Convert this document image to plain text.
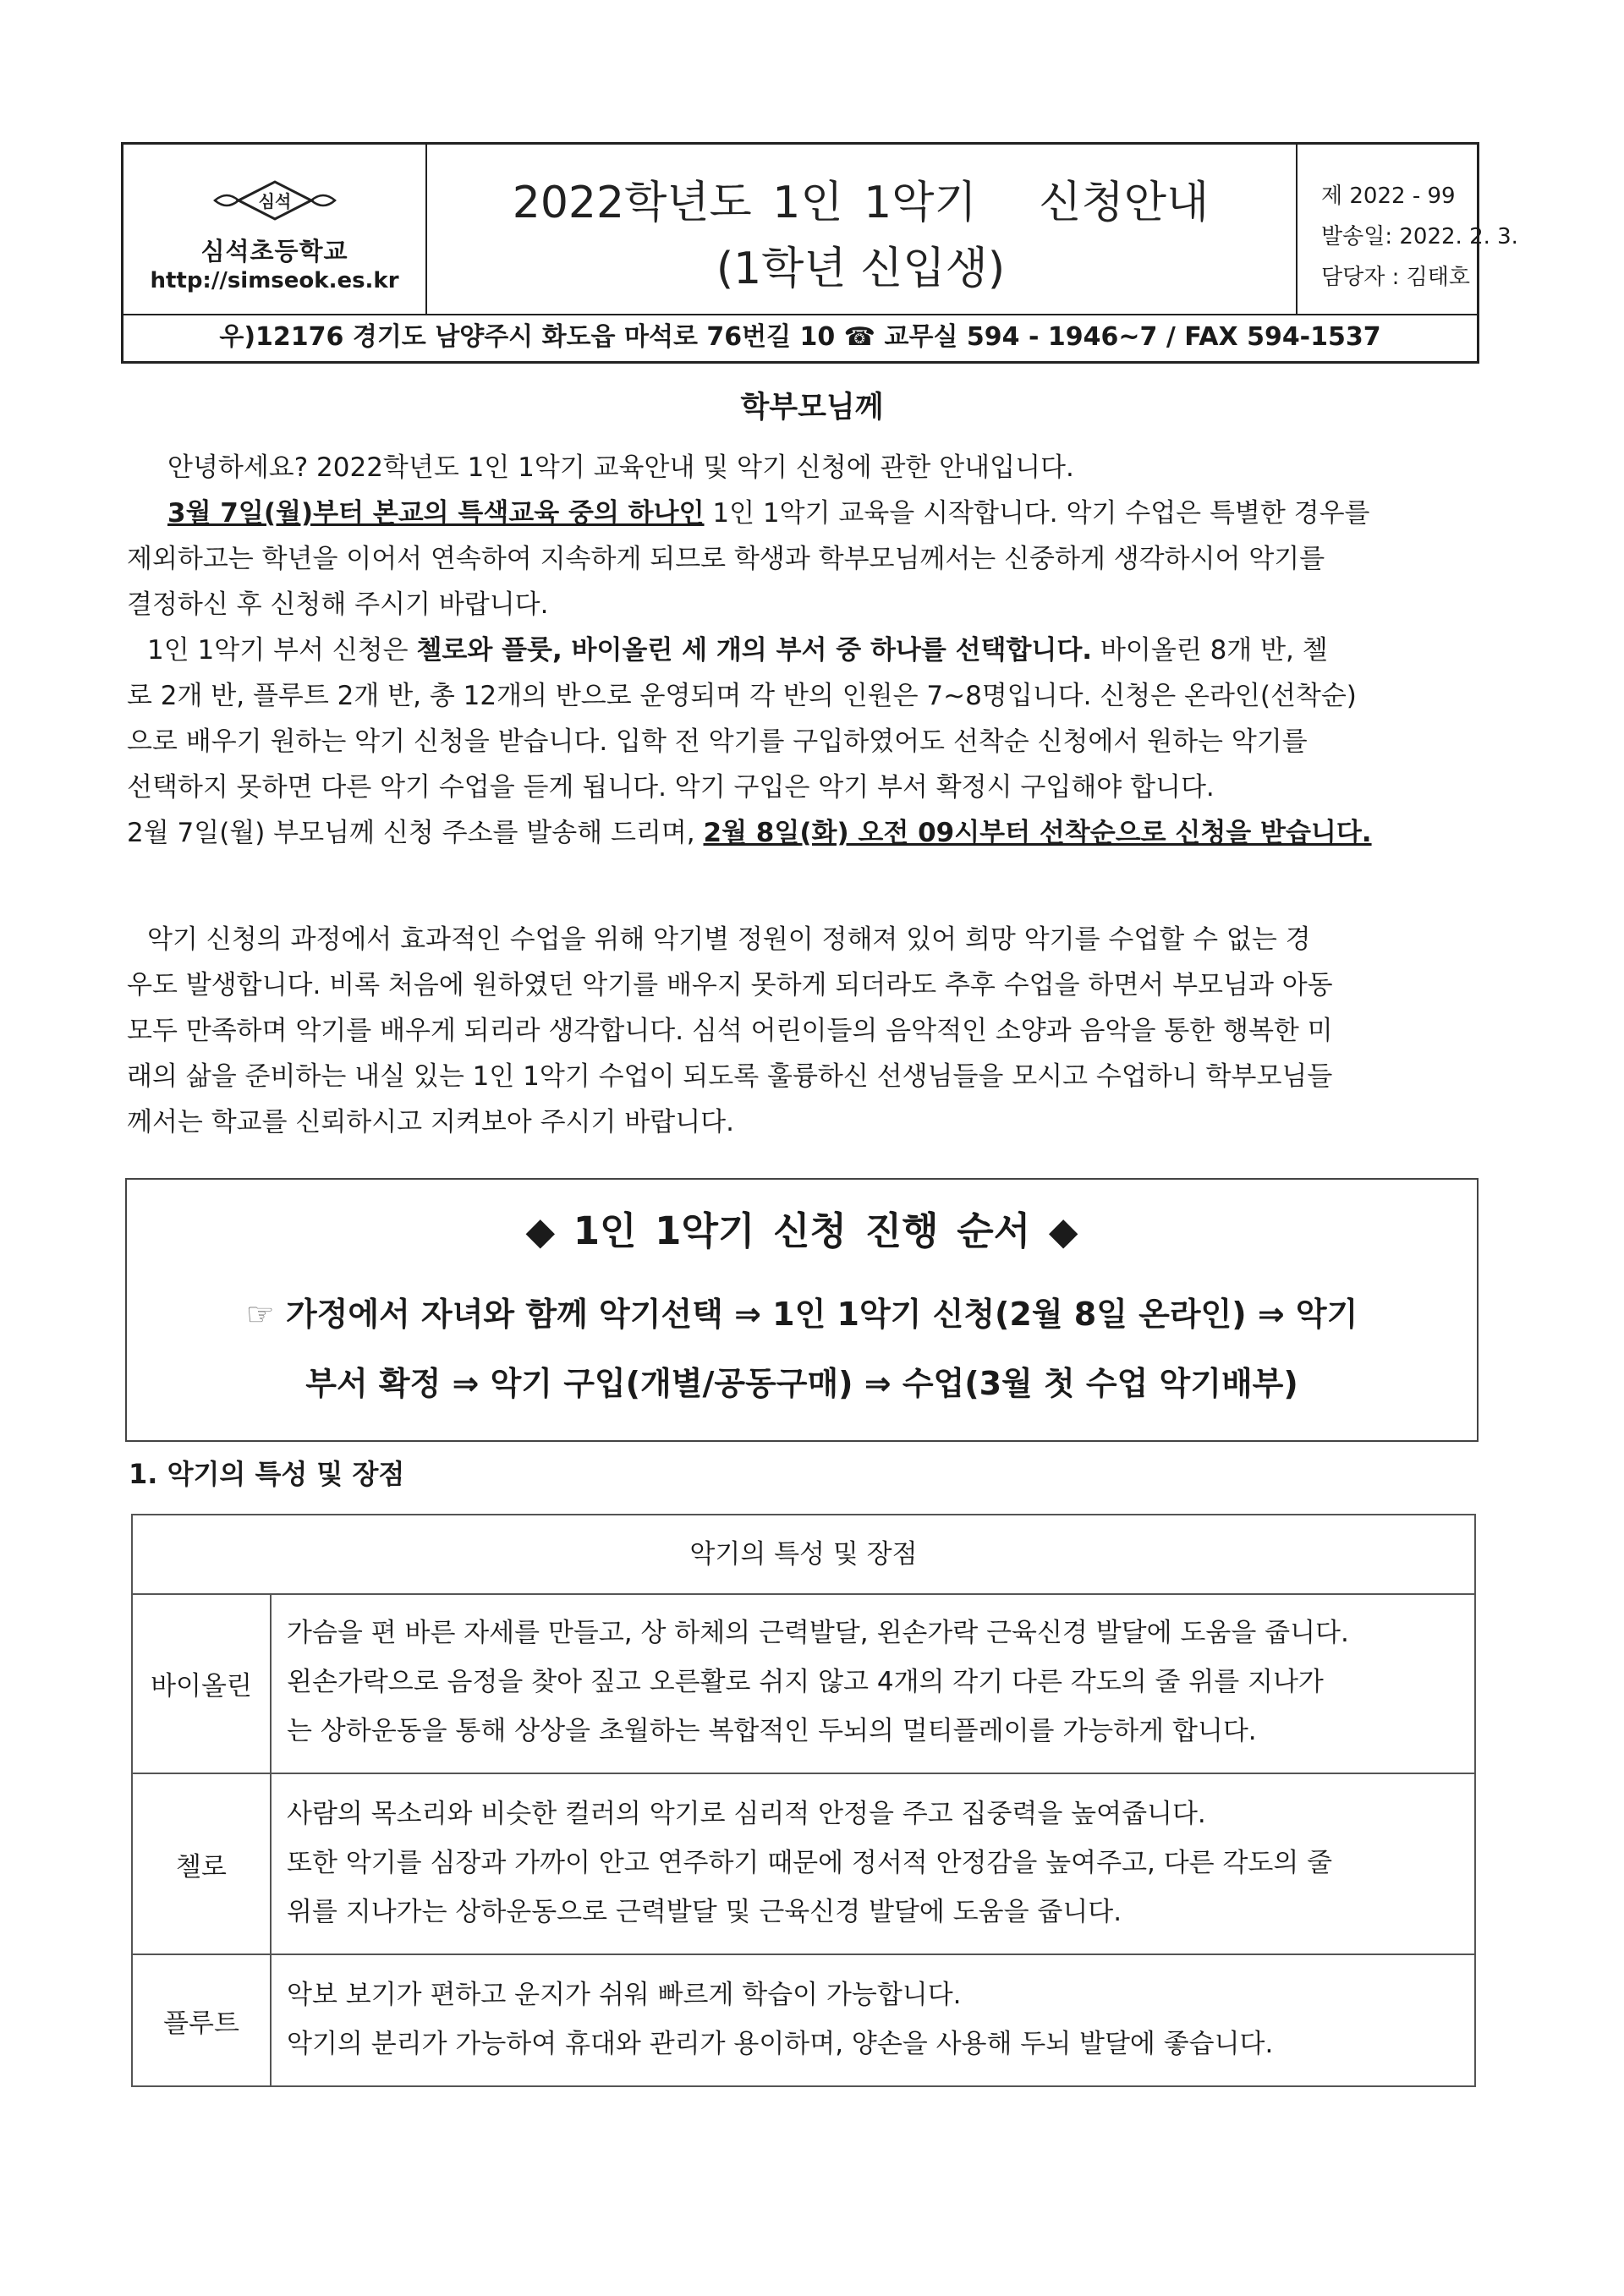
심석
심석초등학교
http://simseok.es.kr
2022학년도 1인 1악기   신청안내
(1학년 신입생)
제 2022 - 99
발송일: 2022. 2. 3.
담당자 : 김태호
우)12176 경기도 남양주시 화도읍 마석로 76번길 10 ☎ 교무실 594 - 1946~7 / FAX 594-1537
학부모님께
안녕하세요? 2022학년도 1인 1악기 교육안내 및 악기 신청에 관한 안내입니다.
3월 7일(월)부터 본교의 특색교육 중의 하나인 1인 1악기 교육을 시작합니다. 악기 수업은 특별한 경우를
제외하고는 학년을 이어서 연속하여 지속하게 되므로 학생과 학부모님께서는 신중하게 생각하시어 악기를
결정하신 후 신청해 주시기 바랍니다.
1인 1악기 부서 신청은 첼로와 플룻, 바이올린 세 개의 부서 중 하나를 선택합니다. 바이올린 8개 반, 첼
로 2개 반, 플루트 2개 반, 총 12개의 반으로 운영되며 각 반의 인원은 7~8명입니다. 신청은 온라인(선착순)
으로 배우기 원하는 악기 신청을 받습니다. 입학 전 악기를 구입하였어도 선착순 신청에서 원하는 악기를
선택하지 못하면 다른 악기 수업을 듣게 됩니다. 악기 구입은 악기 부서 확정시 구입해야 합니다.
2월 7일(월) 부모님께 신청 주소를 발송해 드리며, 2월 8일(화) 오전 09시부터 선착순으로 신청을 받습니다.
악기 신청의 과정에서 효과적인 수업을 위해 악기별 정원이 정해져 있어 희망 악기를 수업할 수 없는 경
우도 발생합니다. 비록 처음에 원하였던 악기를 배우지 못하게 되더라도 추후 수업을 하면서 부모님과 아동
모두 만족하며 악기를 배우게 되리라 생각합니다. 심석 어린이들의 음악적인 소양과 음악을 통한 행복한 미
래의 삶을 준비하는 내실 있는 1인 1악기 수업이 되도록 훌륭하신 선생님들을 모시고 수업하니 학부모님들
께서는 학교를 신뢰하시고 지켜보아 주시기 바랍니다.
◆ 1인 1악기 신청 진행 순서 ◆
☞ 가정에서 자녀와 함께 악기선택 ⇒ 1인 1악기 신청(2월 8일 온라인) ⇒ 악기
부서 확정 ⇒ 악기 구입(개별/공동구매) ⇒ 수업(3월 첫 수업 악기배부)
1. 악기의 특성 및 장점
악기의 특성 및 장점
바이올린
가슴을 편 바른 자세를 만들고, 상 하체의 근력발달, 왼손가락 근육신경 발달에 도움을 줍니다.
왼손가락으로 음정을 찾아 짚고 오른활로 쉬지 않고 4개의 각기 다른 각도의 줄 위를 지나가
는 상하운동을 통해 상상을 초월하는 복합적인 두뇌의 멀티플레이를 가능하게 합니다.
첼로
사람의 목소리와 비슷한 컬러의 악기로 심리적 안정을 주고 집중력을 높여줍니다.
또한 악기를 심장과 가까이 안고 연주하기 때문에 정서적 안정감을 높여주고, 다른 각도의 줄
위를 지나가는 상하운동으로 근력발달 및 근육신경 발달에 도움을 줍니다.
플루트
악보 보기가 편하고 운지가 쉬워 빠르게 학습이 가능합니다.
악기의 분리가 가능하여 휴대와 관리가 용이하며, 양손을 사용해 두뇌 발달에 좋습니다.
